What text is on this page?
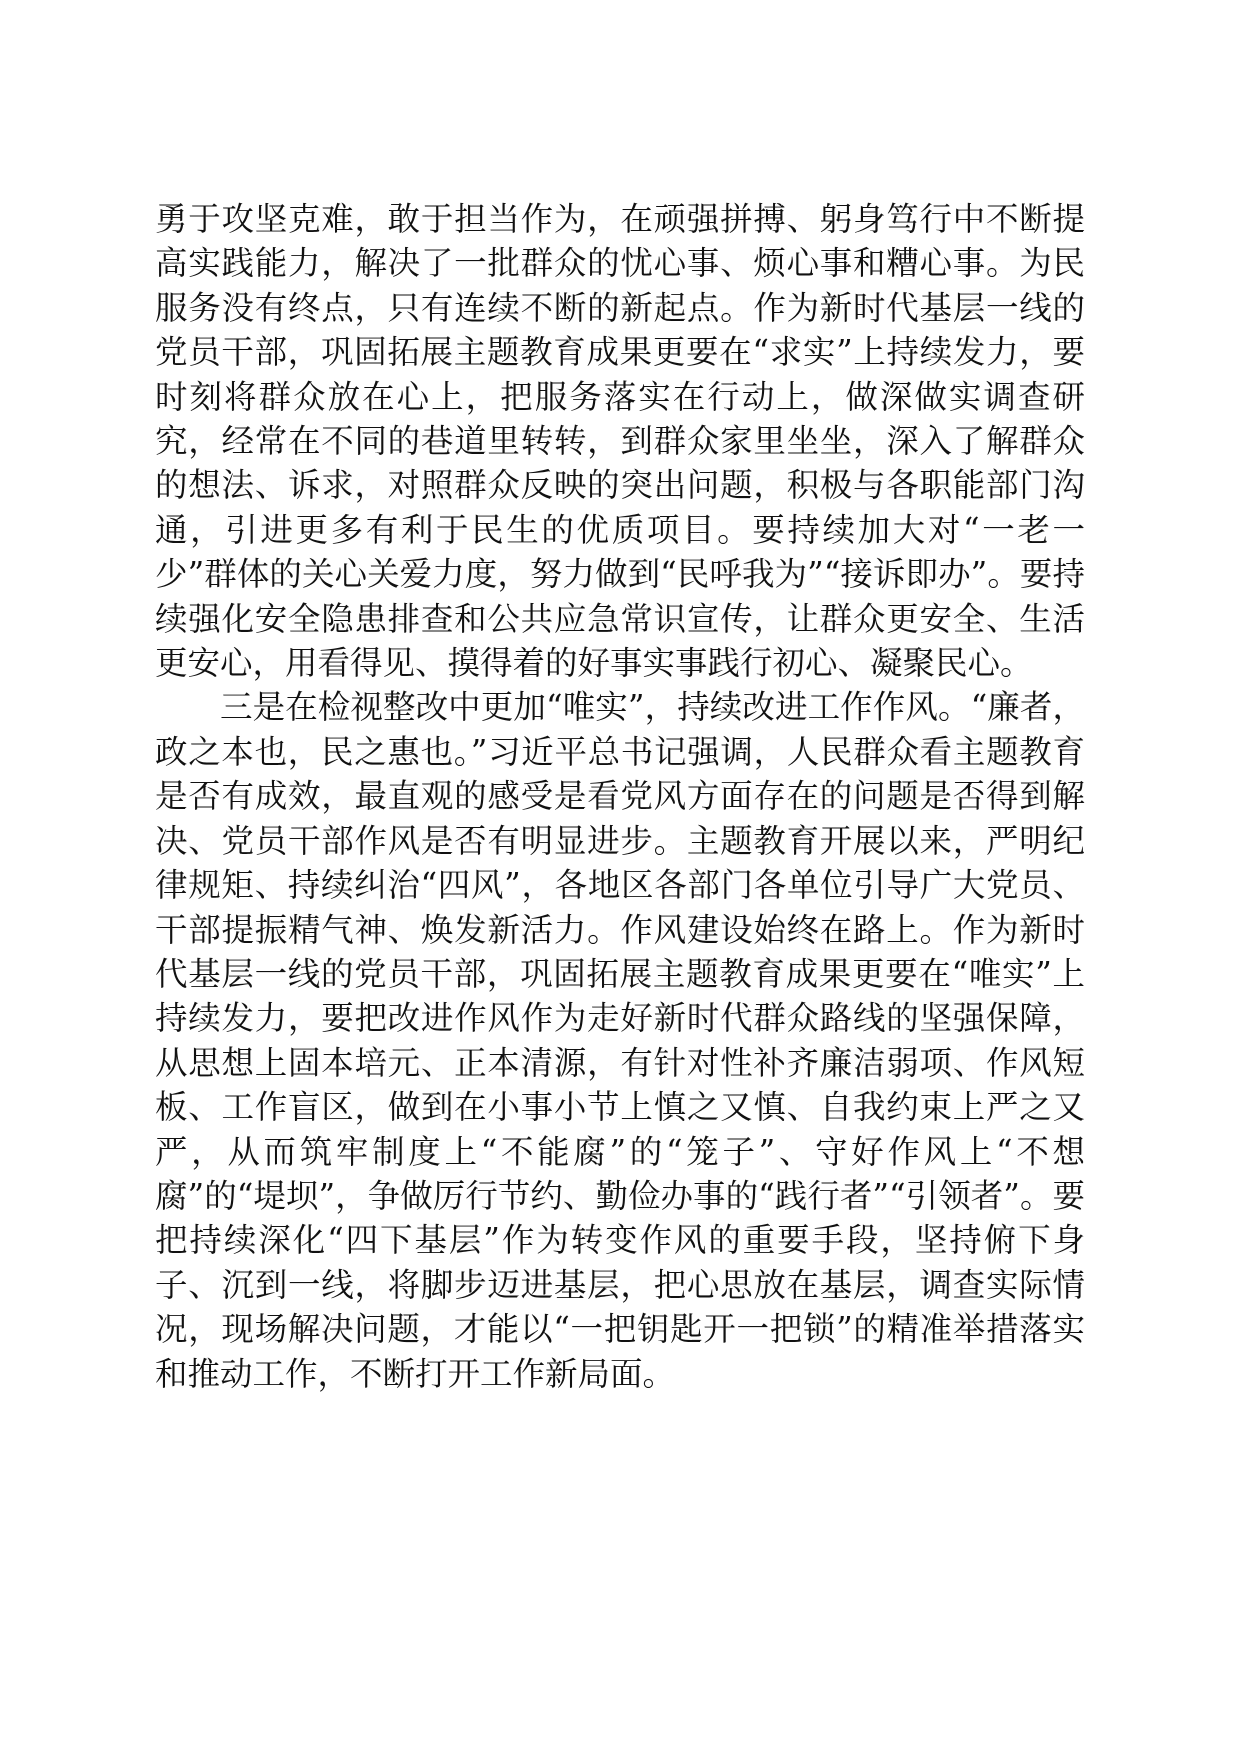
勇于攻坚克难，敢于担当作为，在顽强拼搏、躬身笃行中不断提高实践能力，解决了一批群众的忧心事、烦心事和糟心事。为民服务没有终点，只有连续不断的新起点。作为新时代基层一线的党员干部，巩固拓展主题教育成果更要在“求实”上持续发力，要时刻将群众放在心上，把服务落实在行动上，做深做实调查研究，经常在不同的巷道里转转，到群众家里坐坐，深入了解群众的想法、诉求，对照群众反映的突出问题，积极与各职能部门沟通，引进更多有利于民生的优质项目。要持续加大对“一老一少”群体的关心关爱力度，努力做到“民呼我为”“接诉即办”。要持续强化安全隐患排查和公共应急常识宣传，让群众更安全、生活更安心，用看得见、摸得着的好事实事践行初心、凝聚民心。

三是在检视整改中更加“唯实”，持续改进工作作风。“廉者，政之本也，民之惠也。”习近平总书记强调，人民群众看主题教育是否有成效，最直观的感受是看党风方面存在的问题是否得到解决、党员干部作风是否有明显进步。主题教育开展以来，严明纪律规矩、持续纠治“四风”，各地区各部门各单位引导广大党员、干部提振精气神、焕发新活力。作风建设始终在路上。作为新时代基层一线的党员干部，巩固拓展主题教育成果更要在“唯实”上持续发力，要把改进作风作为走好新时代群众路线的坚强保障，从思想上固本培元、正本清源，有针对性补齐廉洁弱项、作风短板、工作盲区，做到在小事小节上慎之又慎、自我约束上严之又严，从而筑牢制度上“不能腐”的“笼子”、守好作风上“不想腐”的“堤坝”，争做厉行节约、勤俭办事的“践行者”“引领者”。要把持续深化“四下基层”作为转变作风的重要手段，坚持俯下身子、沉到一线，将脚步迈进基层，把心思放在基层，调查实际情况，现场解决问题，才能以“一把钥匙开一把锁”的精准举措落实和推动工作，不断打开工作新局面。
